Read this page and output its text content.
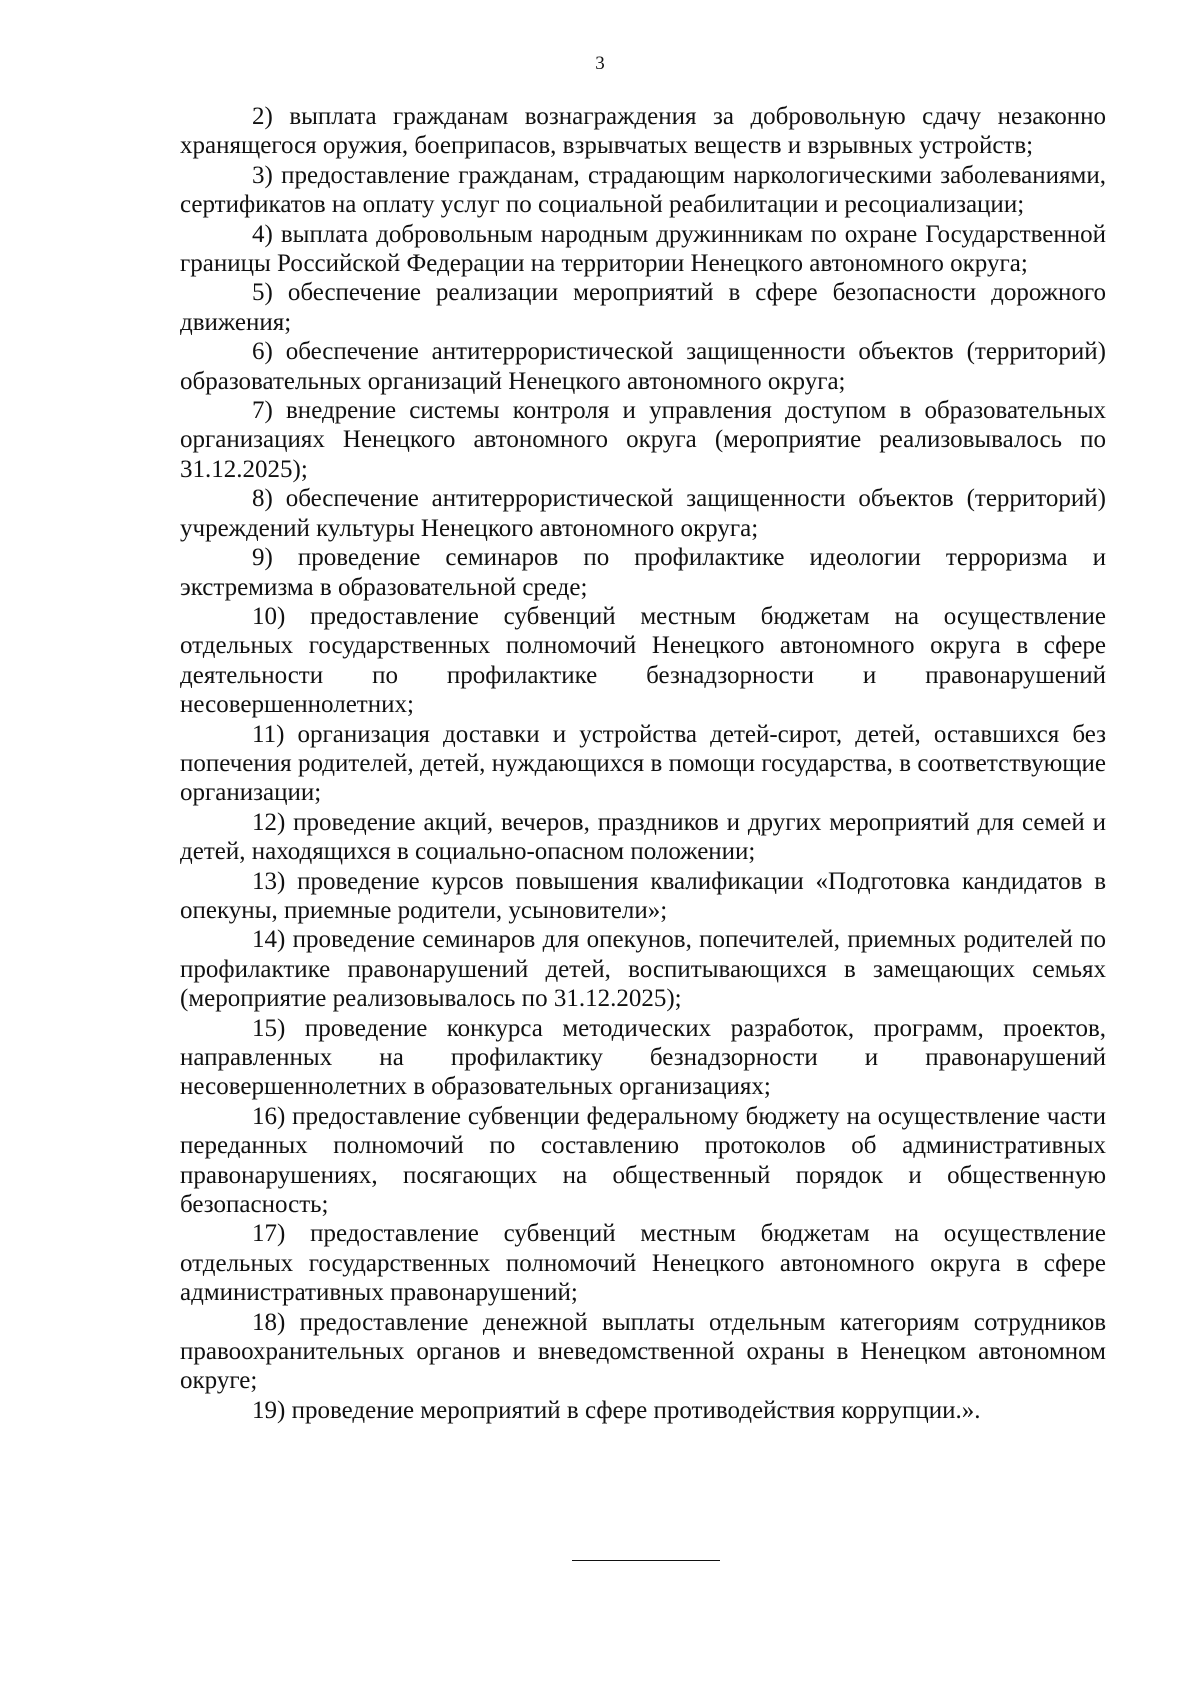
3

2) выплата гражданам вознаграждения за добровольную сдачу незаконно хранящегося оружия, боеприпасов, взрывчатых веществ и взрывных устройств;

3) предоставление гражданам, страдающим наркологическими заболеваниями, сертификатов на оплату услуг по социальной реабилитации и ресоциализации;

4) выплата добровольным народным дружинникам по охране Государственной границы Российской Федерации на территории Ненецкого автономного округа;

5) обеспечение реализации мероприятий в сфере безопасности дорожного движения;

6) обеспечение антитеррористической защищенности объектов (территорий) образовательных организаций Ненецкого автономного округа;

7) внедрение системы контроля и управления доступом в образовательных организациях Ненецкого автономного округа (мероприятие реализовывалось по 31.12.2025);

8) обеспечение антитеррористической защищенности объектов (территорий) учреждений культуры Ненецкого автономного округа;

9) проведение семинаров по профилактике идеологии терроризма и экстремизма в образовательной среде;

10) предоставление субвенций местным бюджетам на осуществление отдельных государственных полномочий Ненецкого автономного округа в сфере деятельности по профилактике безнадзорности и правонарушений несовершеннолетних;

11) организация доставки и устройства детей-сирот, детей, оставшихся без попечения родителей, детей, нуждающихся в помощи государства, в соответствующие организации;

12) проведение акций, вечеров, праздников и других мероприятий для семей и детей, находящихся в социально-опасном положении;

13) проведение курсов повышения квалификации «Подготовка кандидатов в опекуны, приемные родители, усыновители»;

14) проведение семинаров для опекунов, попечителей, приемных родителей по профилактике правонарушений детей, воспитывающихся в замещающих семьях (мероприятие реализовывалось по 31.12.2025);

15) проведение конкурса методических разработок, программ, проектов, направленных на профилактику безнадзорности и правонарушений несовершеннолетних в образовательных организациях;

16) предоставление субвенции федеральному бюджету на осуществление части переданных полномочий по составлению протоколов об административных правонарушениях, посягающих на общественный порядок и общественную безопасность;

17) предоставление субвенций местным бюджетам на осуществление отдельных государственных полномочий Ненецкого автономного округа в сфере административных правонарушений;

18) предоставление денежной выплаты отдельным категориям сотрудников правоохранительных органов и вневедомственной охраны в Ненецком автономном округе;

19) проведение мероприятий в сфере противодействия коррупции.».
